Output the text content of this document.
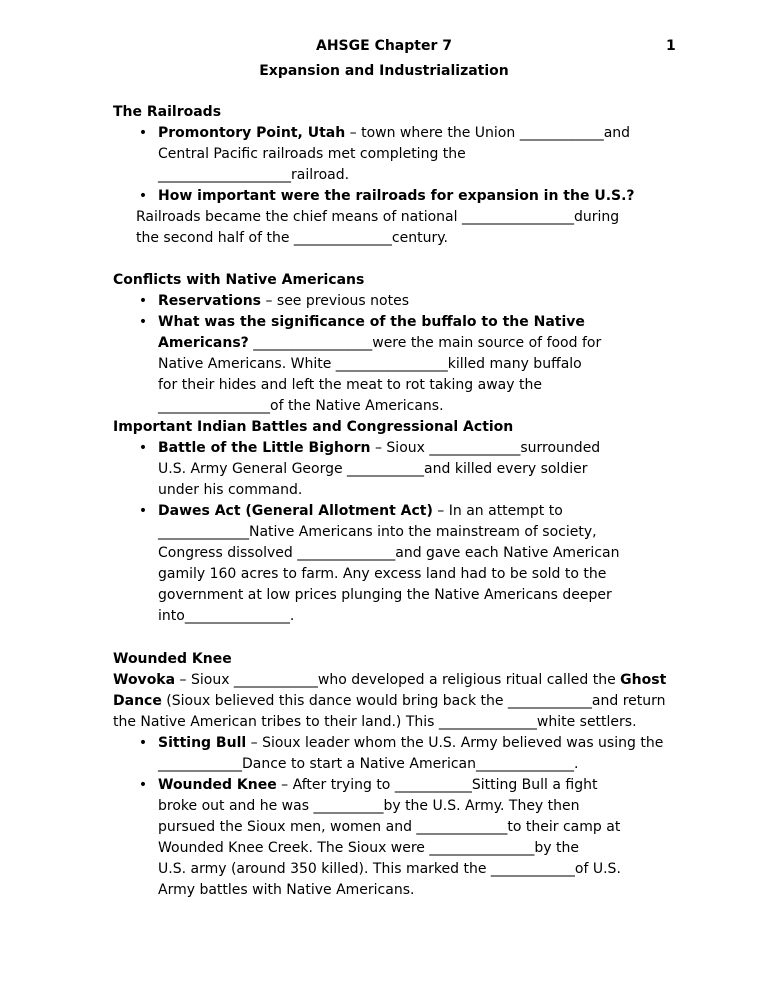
AHSGE Chapter 7	1
Expansion and Industrialization
The Railroads
• Promontory Point, Utah – town where the Union ____________and
Central Pacific railroads met completing the
___________________railroad.
• How important were the railroads for expansion in the U.S.?
Railroads became the chief means of national ________________during
the second half of the ______________century.
Conflicts with Native Americans
• Reservations – see previous notes
• What was the significance of the buffalo to the Native
Americans? _________________were the main source of food for
Native Americans. White ________________killed many buffalo
for their hides and left the meat to rot taking away the
________________of the Native Americans.
Important Indian Battles and Congressional Action
• Battle of the Little Bighorn – Sioux _____________surrounded
U.S. Army General George ___________and killed every soldier
under his command.
• Dawes Act (General Allotment Act) – In an attempt to
_____________Native Americans into the mainstream of society,
Congress dissolved ______________and gave each Native American
gamily 160 acres to farm. Any excess land had to be sold to the
government at low prices plunging the Native Americans deeper
into_______________.
Wounded Knee
Wovoka – Sioux ____________who developed a religious ritual called the Ghost
Dance (Sioux believed this dance would bring back the ____________and return
the Native American tribes to their land.) This ______________white settlers.
• Sitting Bull – Sioux leader whom the U.S. Army believed was using the
____________Dance to start a Native American______________.
• Wounded Knee – After trying to ___________Sitting Bull a fight
broke out and he was __________by the U.S. Army. They then
pursued the Sioux men, women and _____________to their camp at
Wounded Knee Creek. The Sioux were _______________by the
U.S. army (around 350 killed). This marked the ____________of U.S.
Army battles with Native Americans.
